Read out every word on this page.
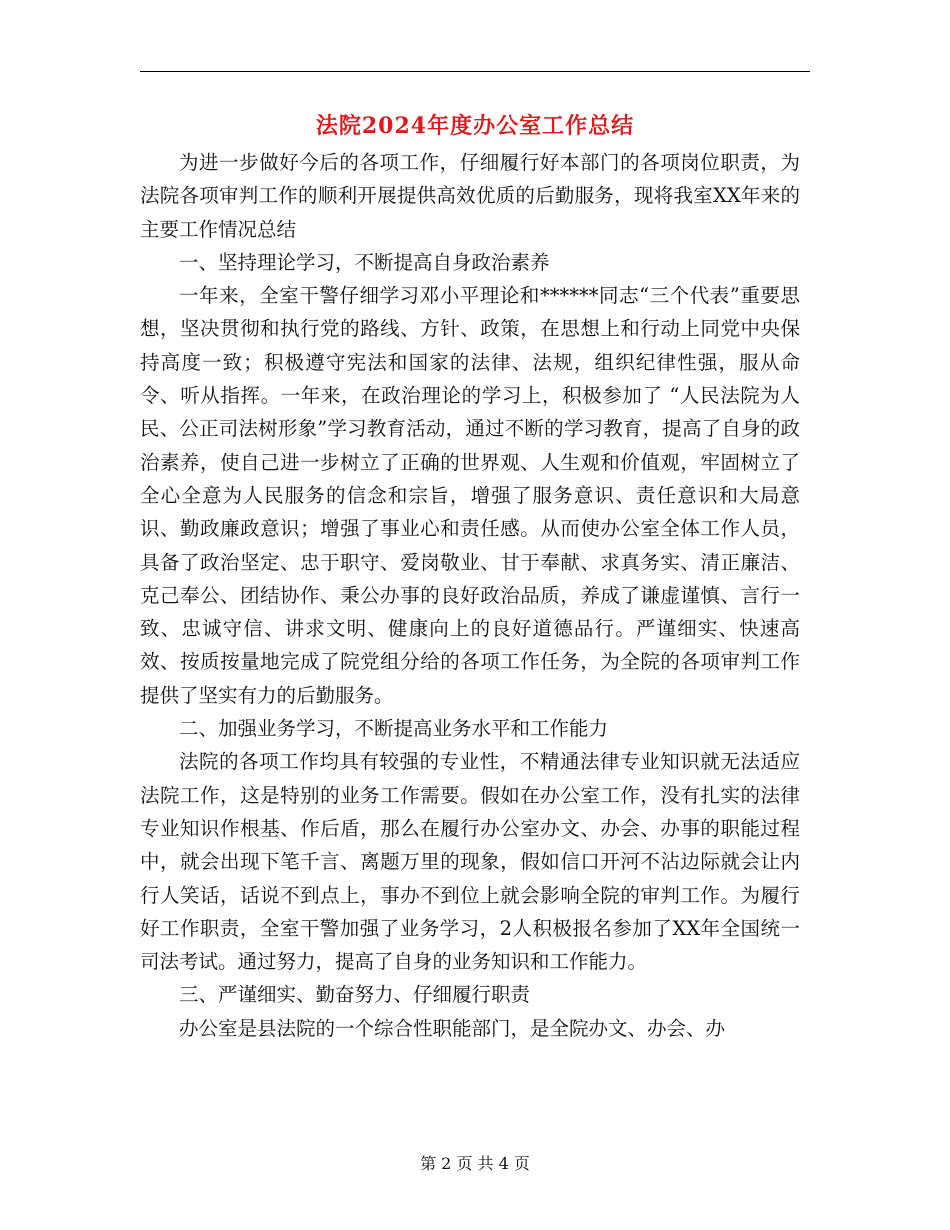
法院2024年度办公室工作总结

为进一步做好今后的各项工作，仔细履行好本部门的各项岗位职责，为法院各项审判工作的顺利开展提供高效优质的后勤服务，现将我室XX年来的主要工作情况总结

一、坚持理论学习，不断提高自身政治素养

一年来，全室干警仔细学习邓小平理论和******同志“三个代表”重要思想，坚决贯彻和执行党的路线、方针、政策，在思想上和行动上同党中央保持高度一致；积极遵守宪法和国家的法律、法规，组织纪律性强，服从命令、听从指挥。一年来，在政治理论的学习上，积极参加了 “人民法院为人民、公正司法树形象”学习教育活动，通过不断的学习教育，提高了自身的政治素养，使自己进一步树立了正确的世界观、人生观和价值观，牢固树立了全心全意为人民服务的信念和宗旨，增强了服务意识、责任意识和大局意识、勤政廉政意识；增强了事业心和责任感。从而使办公室全体工作人员，具备了政治坚定、忠于职守、爱岗敬业、甘于奉献、求真务实、清正廉洁、克己奉公、团结协作、秉公办事的良好政治品质，养成了谦虚谨慎、言行一致、忠诚守信、讲求文明、健康向上的良好道德品行。严谨细实、快速高效、按质按量地完成了院党组分给的各项工作任务，为全院的各项审判工作提供了坚实有力的后勤服务。

二、加强业务学习，不断提高业务水平和工作能力

法院的各项工作均具有较强的专业性，不精通法律专业知识就无法适应法院工作，这是特别的业务工作需要。假如在办公室工作，没有扎实的法律专业知识作根基、作后盾，那么在履行办公室办文、办会、办事的职能过程中，就会出现下笔千言、离题万里的现象，假如信口开河不沾边际就会让内行人笑话，话说不到点上，事办不到位上就会影响全院的审判工作。为履行好工作职责，全室干警加强了业务学习，2人积极报名参加了XX年全国统一司法考试。通过努力，提高了自身的业务知识和工作能力。

三、严谨细实、勤奋努力、仔细履行职责

办公室是县法院的一个综合性职能部门，是全院办文、办会、办

第 2 页 共 4 页
